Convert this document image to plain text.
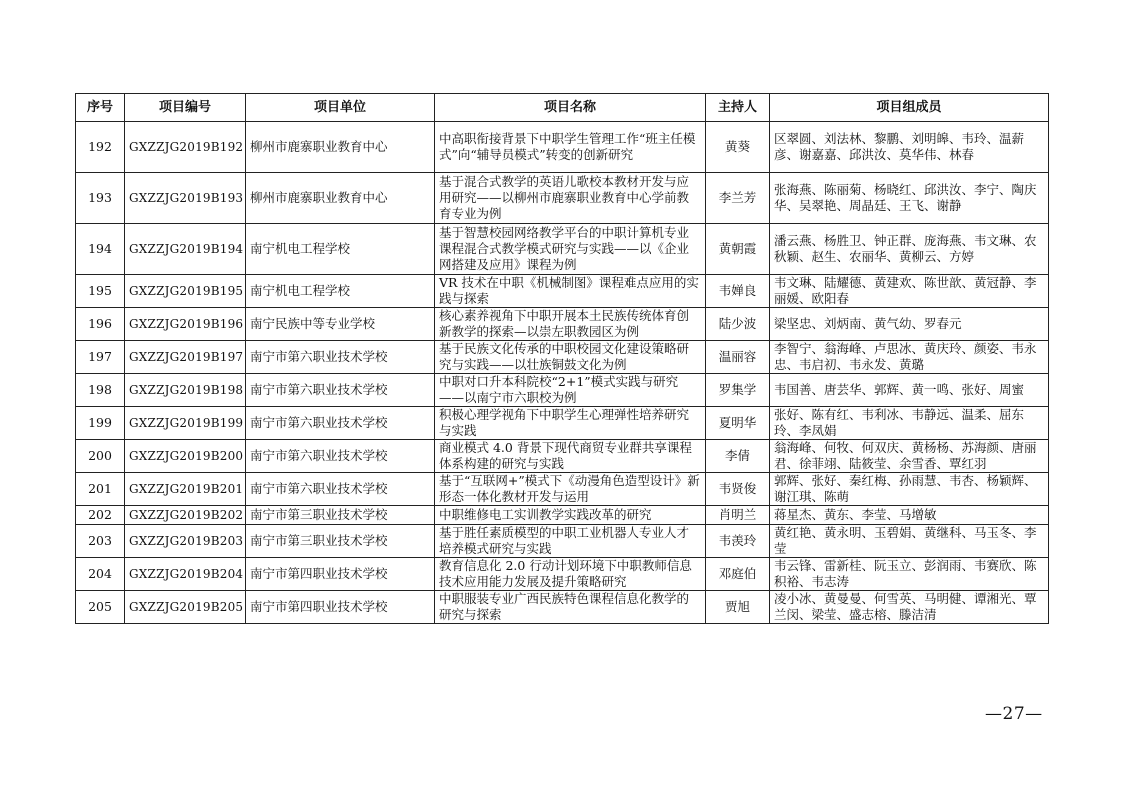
序号	项目编号	项目单位	项目名称	主持人	项目组成员
192	GXZZJG2019B192	柳州市鹿寨职业教育中心	中高职衔接背景下中职学生管理工作“班主任模式”向“辅导员模式”转变的创新研究	黄葵	区翠圆、刘法林、黎鹏、刘明皞、韦玲、温薪彦、谢嘉嘉、邱洪汝、莫华伟、林春
193	GXZZJG2019B193	柳州市鹿寨职业教育中心	基于混合式教学的英语儿歌校本教材开发与应用研究——以柳州市鹿寨职业教育中心学前教育专业为例	李兰芳	张海燕、陈丽菊、杨晓红、邱洪汝、李宁、陶庆华、吴翠艳、周晶廷、王飞、谢静
194	GXZZJG2019B194	南宁机电工程学校	基于智慧校园网络教学平台的中职计算机专业课程混合式教学模式研究与实践——以《企业网搭建及应用》课程为例	黄朝霞	潘云燕、杨胜卫、钟正群、庞海燕、韦文琳、农秋颖、赵生、农丽华、黄柳云、方婷
195	GXZZJG2019B195	南宁机电工程学校	VR 技术在中职《机械制图》课程难点应用的实践与探索	韦婵良	韦文琳、陆耀德、黄建欢、陈世歆、黄冠静、李丽媛、欧阳春
196	GXZZJG2019B196	南宁民族中等专业学校	核心素养视角下中职开展本土民族传统体育创新教学的探索—以崇左职教园区为例	陆少波	梁坚忠、刘炳南、黄气幼、罗春元
197	GXZZJG2019B197	南宁市第六职业技术学校	基于民族文化传承的中职校园文化建设策略研究与实践——以壮族铜鼓文化为例	温丽容	李智宁、翁海峰、卢思冰、黄庆玲、颜姿、韦永忠、韦启初、韦永发、黄璐
198	GXZZJG2019B198	南宁市第六职业技术学校	中职对口升本科院校“2+1”模式实践与研究——以南宁市六职校为例	罗集学	韦国善、唐芸华、郭辉、黄一鸣、张好、周蜜
199	GXZZJG2019B199	南宁市第六职业技术学校	积极心理学视角下中职学生心理弹性培养研究与实践	夏明华	张好、陈有红、韦利冰、韦静远、温柔、屈东玲、李凤娟
200	GXZZJG2019B200	南宁市第六职业技术学校	商业模式 4.0 背景下现代商贸专业群共享课程体系构建的研究与实践	李倩	翁海峰、何牧、何双庆、黄杨杨、苏海颜、唐丽君、徐菲翊、陆筱莹、余雪香、覃红羽
201	GXZZJG2019B201	南宁市第六职业技术学校	基于“互联网+”模式下《动漫角色造型设计》新形态一体化教材开发与运用	韦贤俊	郭辉、张好、秦红梅、孙雨慧、韦杏、杨颖辉、谢江琪、陈萌
202	GXZZJG2019B202	南宁市第三职业技术学校	中职维修电工实训教学实践改革的研究	肖明兰	蒋星杰、黄东、李莹、马增敏
203	GXZZJG2019B203	南宁市第三职业技术学校	基于胜任素质模型的中职工业机器人专业人才培养模式研究与实践	韦羡玲	黄红艳、黄永明、玉碧娟、黄继科、马玉冬、李莹
204	GXZZJG2019B204	南宁市第四职业技术学校	教育信息化 2.0 行动计划环境下中职教师信息技术应用能力发展及提升策略研究	邓庭伯	韦云锋、雷新桂、阮玉立、彭润雨、韦赛欣、陈积裕、韦志涛
205	GXZZJG2019B205	南宁市第四职业技术学校	中职服装专业广西民族特色课程信息化教学的研究与探索	贾旭	凌小冰、黄曼曼、何雪英、马明健、谭湘光、覃兰闵、梁莹、盛志榕、滕洁清
—27—
